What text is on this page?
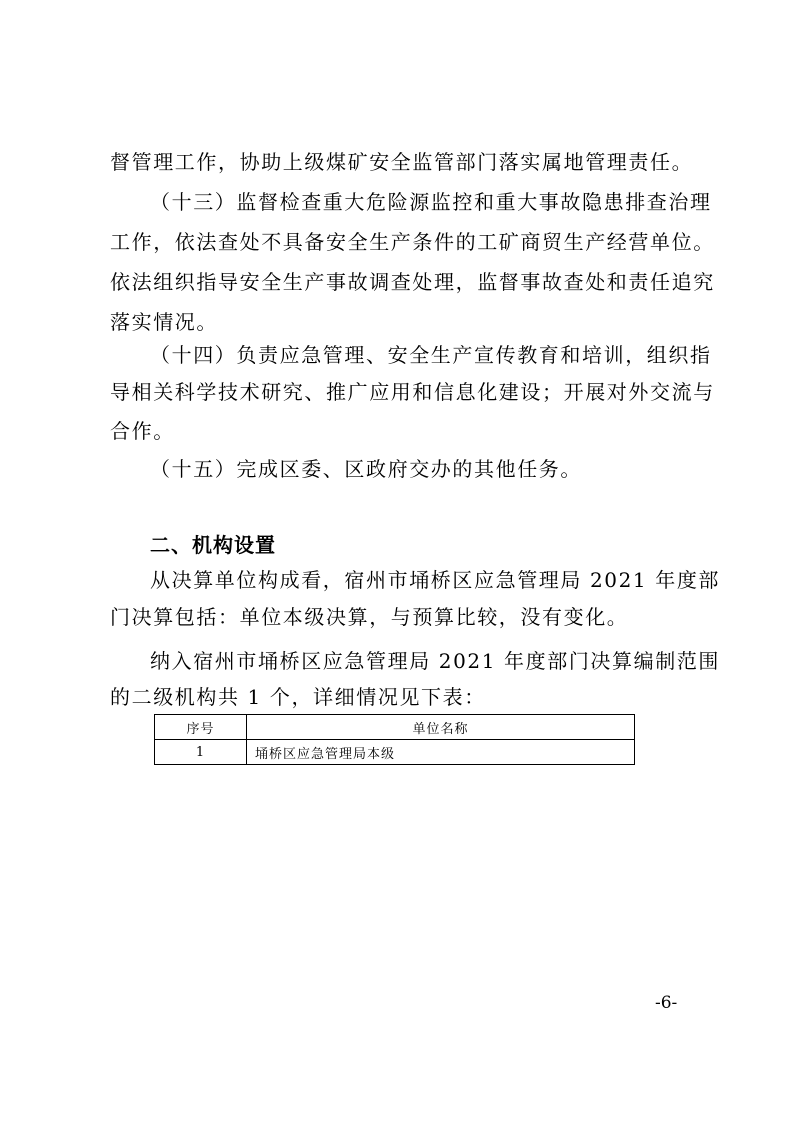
督管理工作，协助上级煤矿安全监管部门落实属地管理责任。
（十三）监督检查重大危险源监控和重大事故隐患排查治理
工作，依法查处不具备安全生产条件的工矿商贸生产经营单位。
依法组织指导安全生产事故调查处理，监督事故查处和责任追究
落实情况。
（十四）负责应急管理、安全生产宣传教育和培训，组织指
导相关科学技术研究、推广应用和信息化建设；开展对外交流与
合作。
（十五）完成区委、区政府交办的其他任务。
二、机构设置
从决算单位构成看，宿州市埇桥区应急管理局 2021 年度部
门决算包括：单位本级决算，与预算比较，没有变化。
纳入宿州市埇桥区应急管理局 2021 年度部门决算编制范围
的二级机构共 1 个，详细情况见下表：
序号	单位名称
1	埇桥区应急管理局本级
-6-
